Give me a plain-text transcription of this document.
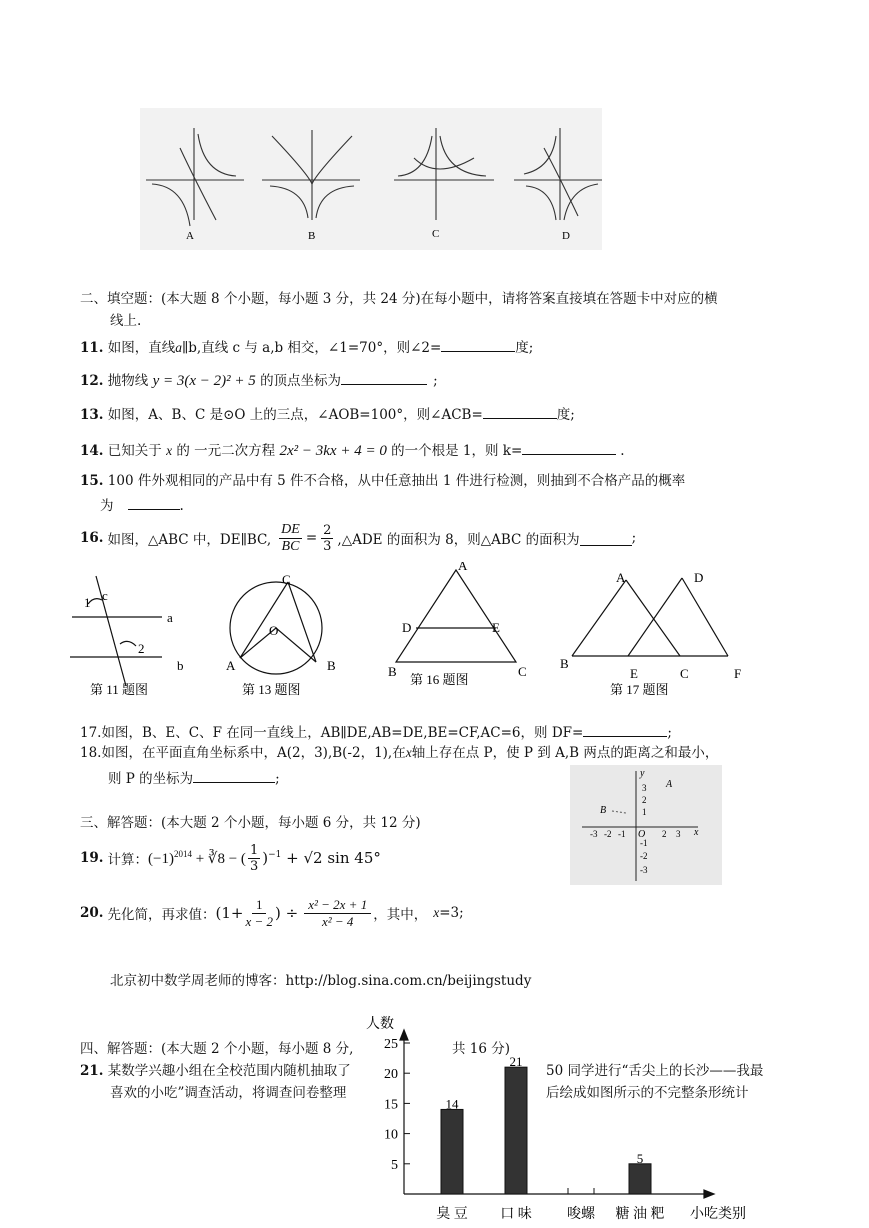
A	B	C	D
二、填空题：(本大题 8 个小题，每小题 3 分，共 24 分)在每小题中，请将答案直接填在答题卡中对应的横
线上.
11. 如图，直线a∥b,直线 c 与 a,b 相交，∠1=70°，则∠2=	度;
12. 抛物线 y = 3(x − 2)² + 5 的顶点坐标为	;
13. 如图，A、B、C 是⊙O 上的三点，∠AOB=100°，则∠ACB=	度;
14. 已知关于 x 的 一元二次方程 2x² − 3kx + 4 = 0 的一个根是 1，则 k=	.
15. 100 件外观相同的产品中有 5 件不合格，从中任意抽出 1 件进行检测，则抽到不合格产品的概率
为	.
16. 如图，△ABC 中，DE∥BC, $\frac{DE}{BC} = \frac{2}{3}$ ,△ADE 的面积为 8，则△ABC 的面积为	;
1 c
a
2
b
第 11 题图
C
O
A	B
第 13 题图
A
D	E
B	C
第 16 题图
A	D
B
E	C	F
第 17 题图
17.如图，B、E、C、F 在同一直线上，AB∥DE,AB=DE,BE=CF,AC=6，则 DF=	;
18.如图，在平面直角坐标系中，A(2，3),B(-2，1),在x轴上存在点 P，使 P 到 A,B 两点的距离之和最小，
则 P 的坐标为	;	y
A
B
x
O
3
2
1
-1
-2
-3
-3 -2 -1	2 3
三、解答题：(本大题 2 个小题，每小题 6 分，共 12 分)
19. 计算： $(-1)^{2014}$ + ∛8 − ( $\frac{1}{3} )^{-1} + √2$ sin 45°
20. 先化简，再求值： ($1+ \frac{1}{x - 2}$ ) ÷ $\frac{\text{x² − 2x + 1}}{\text{x² − 4}}$ ，其中， x =3;
北京初中数学周老师的博客：http://blog.sina.com.cn/beijingstudy
四、解答题：(本大题 2 个小题，每小题 8 分,	共 16 分)
21. 某数学兴趣小组在全校范围内随机抽取了
喜欢的小吃”调查活动，将调查问卷整理
50 同学进行“舌尖上的长沙——我最
后绘成如图所示的不完整条形统计
人数
小吃类别
5
10
15
20
25
14
臭 豆
21
口 味	唆螺
5
糖 油 粑
